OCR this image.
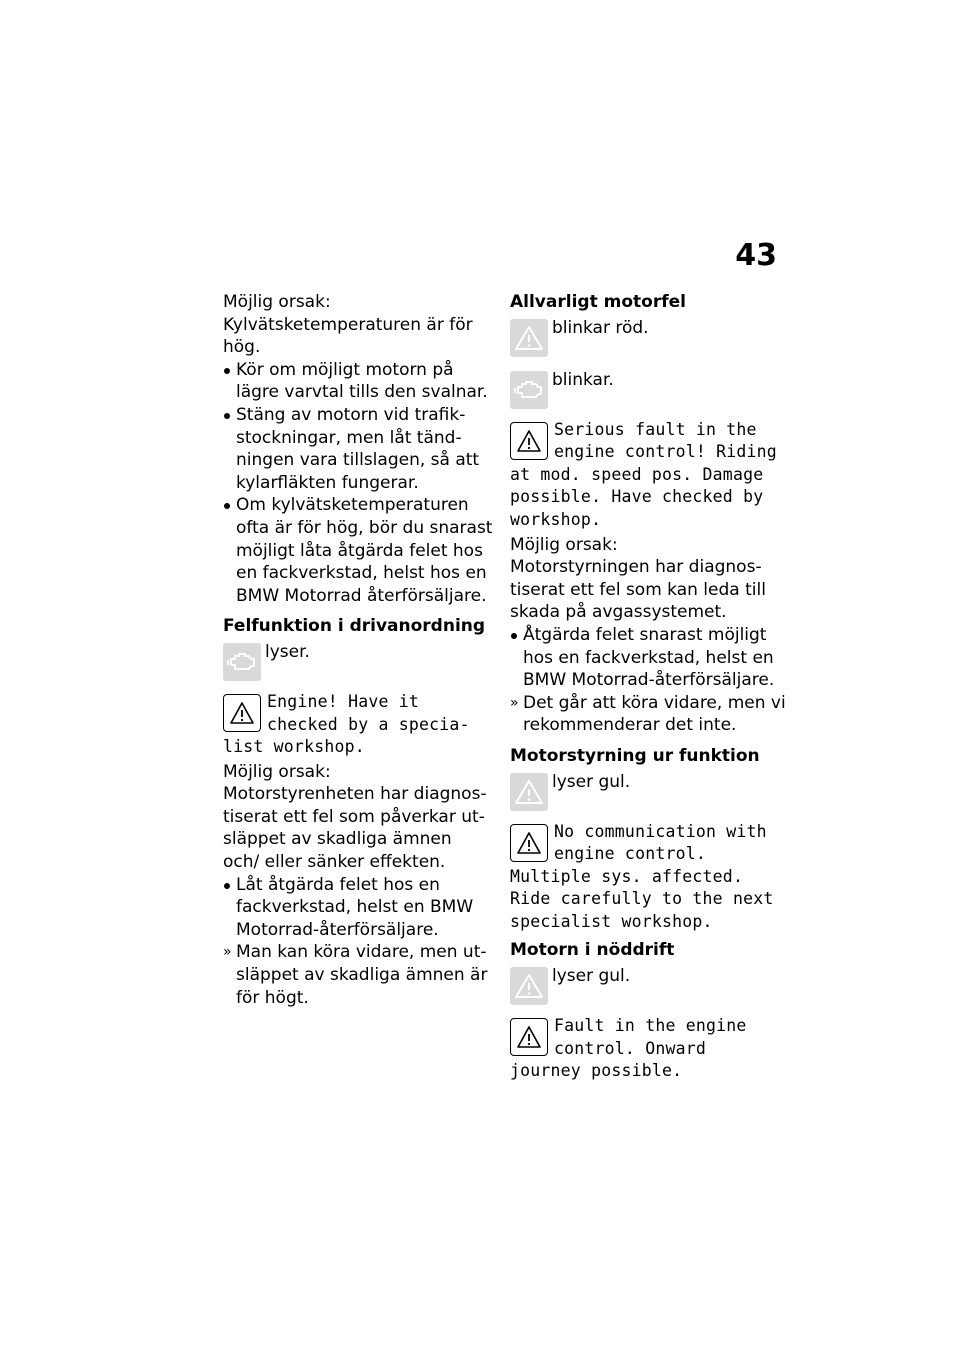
43

Möjlig orsak:

Kylvätsketemperaturen är för hög.

Kör om möjligt motorn på lägre varvtal tills den svalnar.
Stäng av motorn vid trafikstockningar, men låt tändningen vara tillslagen, så att kylarfläkten fungerar.
Om kylvätsketemperaturen ofta är för hög, bör du snarast möjligt låta åtgärda felet hos en fackverkstad, helst hos en BMW Motorrad återförsäljare.

Felfunktion i drivanordning

lyser.
Engine! Have it checked by a specialist workshop.

Möjlig orsak:

Motorstyrenheten har diagnostiserat ett fel som påverkar utsläppet av skadliga ämnen och/ eller sänker effekten.

Låt åtgärda felet hos en fackverkstad, helst en BMW Motorrad-återförsäljare.
» Man kan köra vidare, men utsläppet av skadliga ämnen är för högt.

Allvarligt motorfel

blinkar röd.
blinkar.
Serious fault in the engine control! Riding at mod. speed pos. Damage possible. Have checked by workshop.

Möjlig orsak:

Motorstyrningen har diagnostiserat ett fel som kan leda till skada på avgassystemet.

Åtgärda felet snarast möjligt hos en fackverkstad, helst en BMW Motorrad-återförsäljare.
» Det går att köra vidare, men vi rekommenderar det inte.

Motorstyrning ur funktion

lyser gul.
No communication with engine control. Multiple sys. affected. Ride carefully to the next specialist workshop.

Motorn i nöddrift

lyser gul.
Fault in the engine control. Onward journey possible.
